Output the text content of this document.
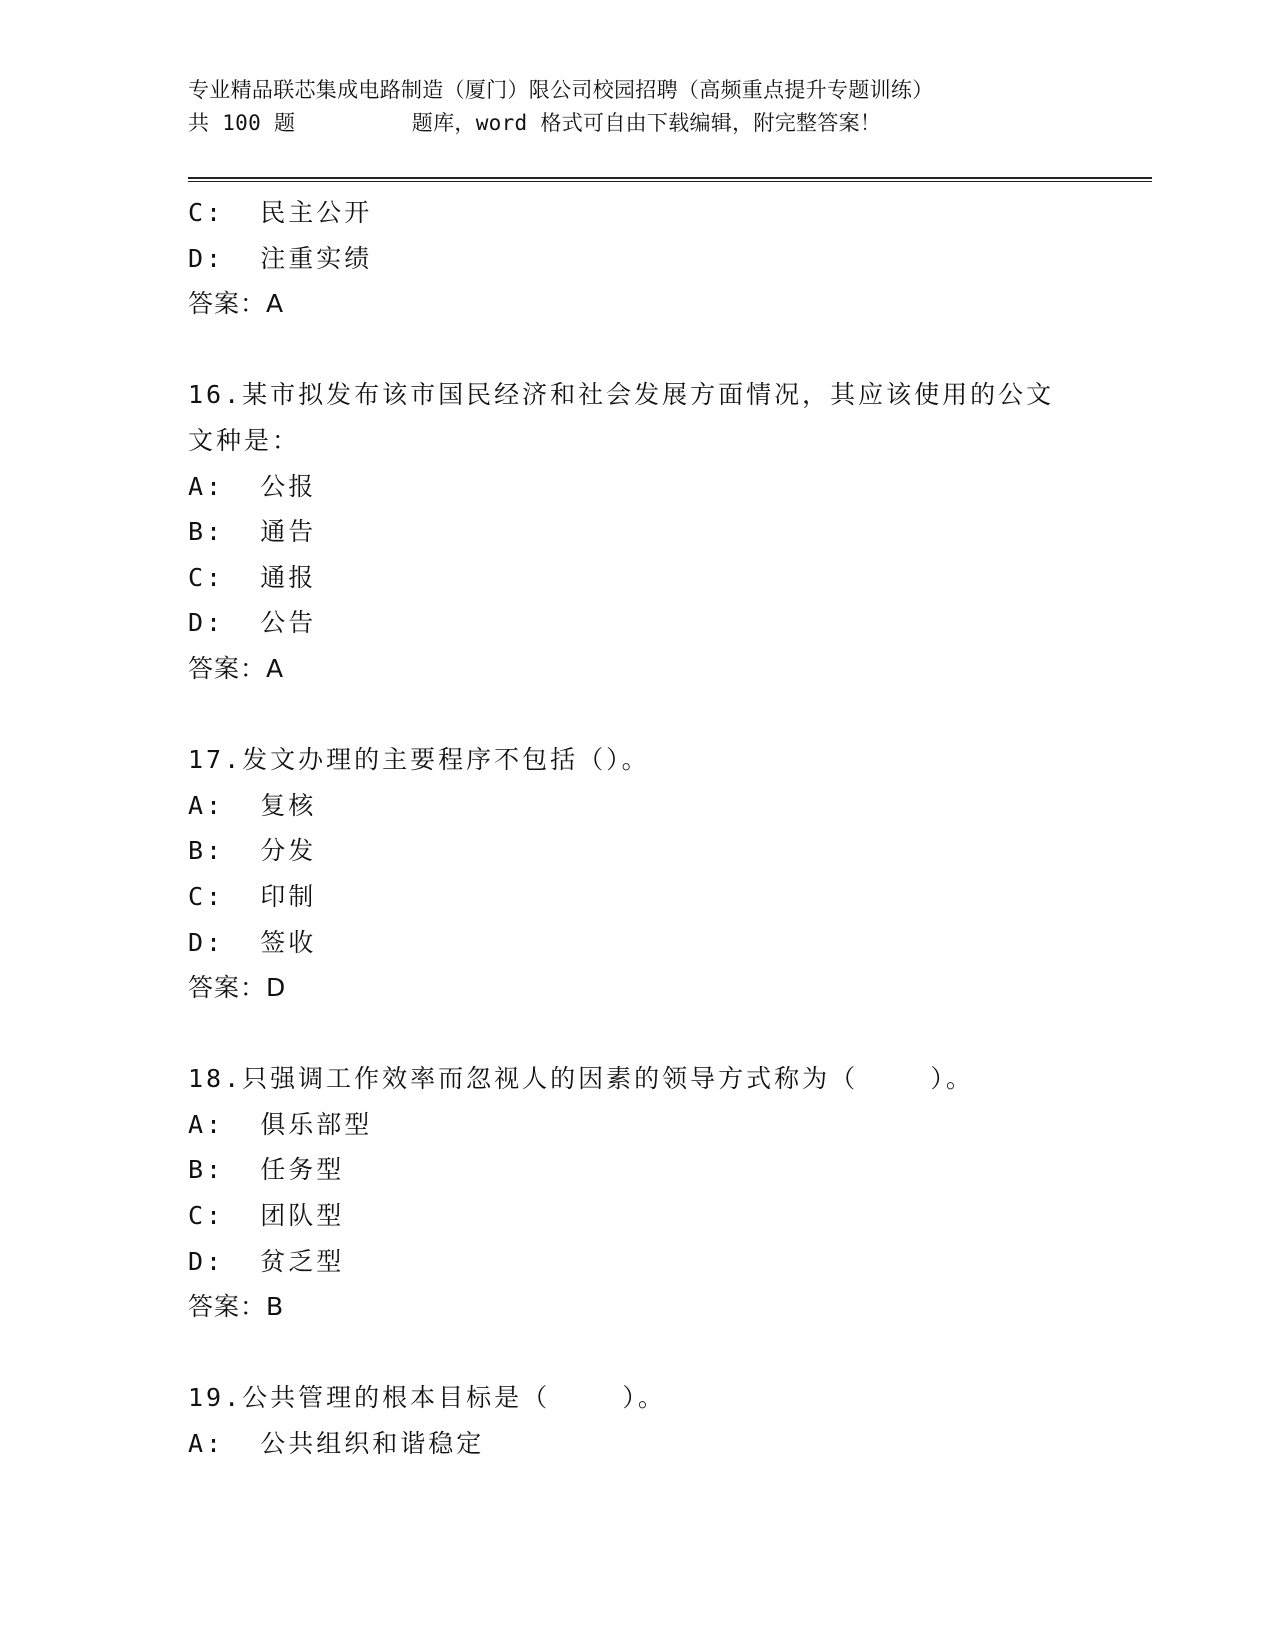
专业精品联芯集成电路制造（厦门）限公司校园招聘（高频重点提升专题训练）
共 100 题         题库，word 格式可自由下载编辑，附完整答案！
C:  民主公开
D:  注重实绩
答案：A
16.某市拟发布该市国民经济和社会发展方面情况，其应该使用的公文
文种是：
A:  公报
B:  通告
C:  通报
D:  公告
答案：A
17.发文办理的主要程序不包括（）。
A:  复核
B:  分发
C:  印制
D:  签收
答案：D
18.只强调工作效率而忽视人的因素的领导方式称为（    ）。
A:  俱乐部型
B:  任务型
C:  团队型
D:  贫乏型
答案：B
19.公共管理的根本目标是（    ）。
A:  公共组织和谐稳定
